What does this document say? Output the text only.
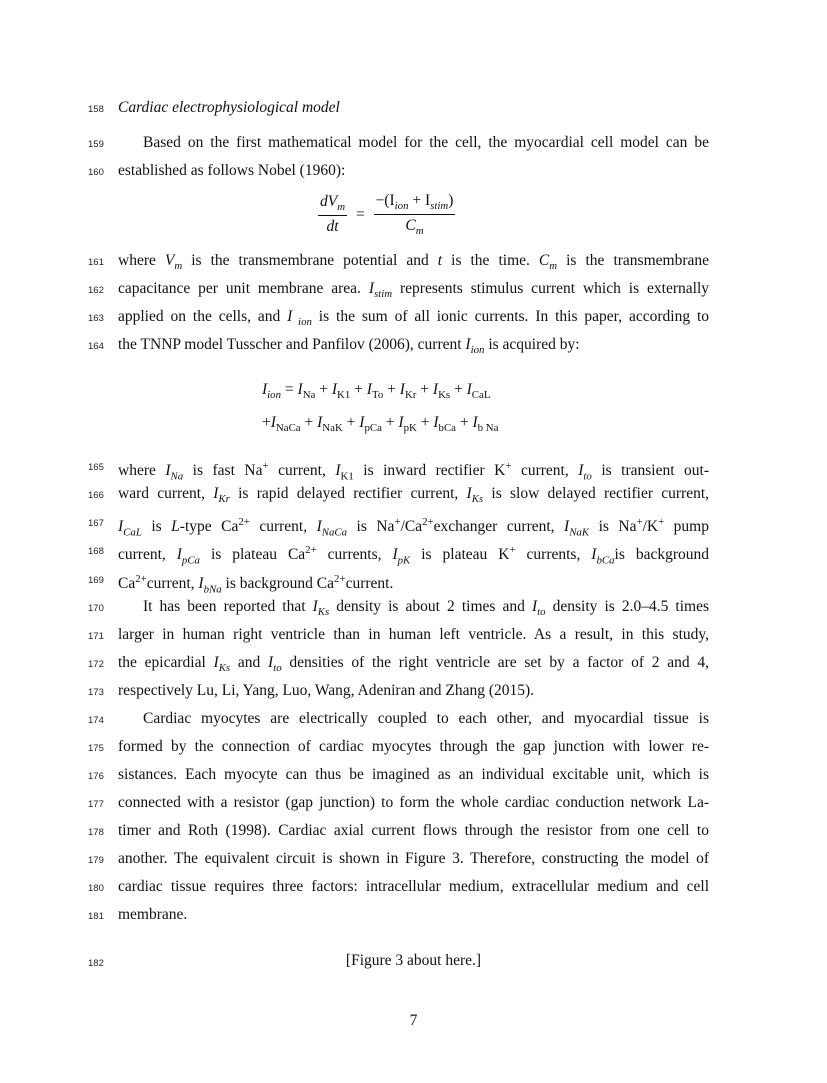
158
159
160
161
162
163
164
165
166
167
168
169
170
171
172
173
174
175
176
177
178
179
180
181
182
Cardiac electrophysiological model
Based on the first mathematical model for the cell, the myocardial cell model can be
established as follows Nobel (1960):
$\frac{dV_m}{dt} = \frac{-(I_{ion} + I_{stim})}{C_m}$
where $V_m$ is the transmembrane potential and t is the time. $C_m$ is the transmembrane
capacitance per unit membrane area. $I_{stim}$ represents stimulus current which is externally
applied on the cells, and I $_{ion}$ is the sum of all ionic currents. In this paper, according to
the TNNP model Tusscher and Panfilov (2006), current $I_{ion}$ is acquired by:
$I_{ion} = I_{Na} + I_{K1} + I_{To} + I_{Kr} + I_{Ks} + I_{CaL}$
$+I_{NaCa} + I_{NaK} + I_{pCa} + I_{pK} + I_{bCa} + I_{b Na}$
where $I_{Na}$ is fast Na+ current, $I_{K1}$ is inward rectifier K+ current, $I_{to}$ is transient out-
ward current, $I_{Kr}$ is rapid delayed rectifier current, $I_{Ks}$ is slow delayed rectifier current,
$I_{CaL}$ is L-type $Ca^{2+}$ current, $I_{NaCa}$ is $Na^+/Ca^{2+}exchanger$ current, $I_{NaK}$ is Na+/K+ pump
current, $I_{pCa}$ is plateau $Ca^{2+}$ currents, $I_{pK}$ is plateau K+ currents, $I_{bCa}is$ background
$Ca^{2+}current$, $I_{bNa}$ is background $Ca^{2+}current$.
It has been reported that $I_{Ks}$ density is about 2 times and $I_{to}$ density is 2.0–4.5 times
larger in human right ventricle than in human left ventricle. As a result, in this study,
the epicardial $I_{Ks}$ and $I_{to}$ densities of the right ventricle are set by a factor of 2 and 4,
respectively Lu, Li, Yang, Luo, Wang, Adeniran and Zhang (2015).
Cardiac myocytes are electrically coupled to each other, and myocardial tissue is
formed by the connection of cardiac myocytes through the gap junction with lower re-
sistances. Each myocyte can thus be imagined as an individual excitable unit, which is
connected with a resistor (gap junction) to form the whole cardiac conduction network La-
timer and Roth (1998). Cardiac axial current flows through the resistor from one cell to
another. The equivalent circuit is shown in Figure 3. Therefore, constructing the model of
cardiac tissue requires three factors: intracellular medium, extracellular medium and cell
membrane.
[Figure 3 about here.]
7
